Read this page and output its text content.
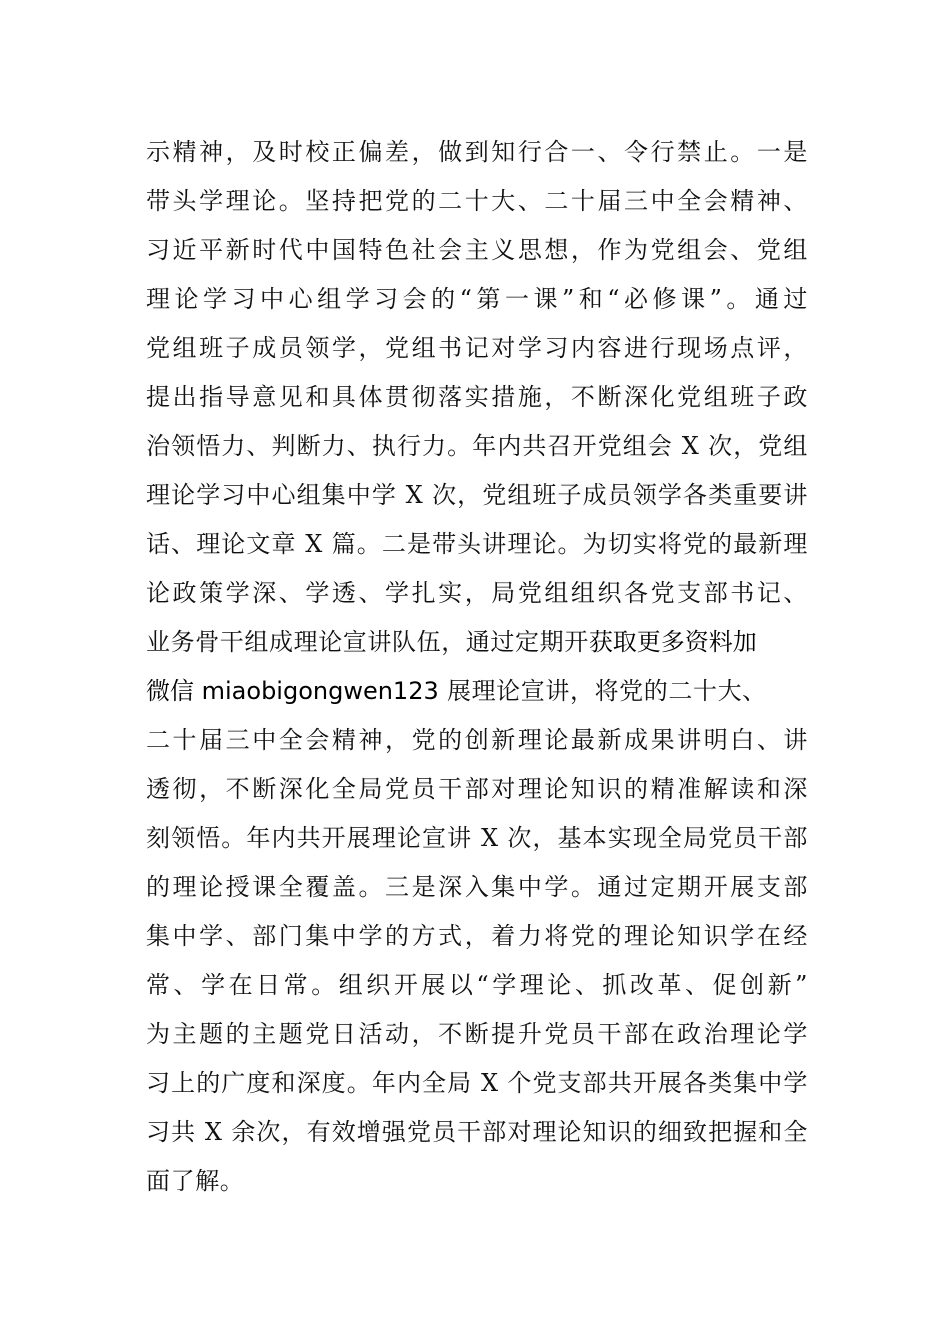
示精神，及时校正偏差，做到知行合一、令行禁止。一是
带头学理论。坚持把党的二十大、二十届三中全会精神、
习近平新时代中国特色社会主义思想，作为党组会、党组
理论学习中心组学习会的“第一课”和“必修课”。通过
党组班子成员领学，党组书记对学习内容进行现场点评，
提出指导意见和具体贯彻落实措施，不断深化党组班子政
治领悟力、判断力、执行力。年内共召开党组会 X 次，党组
理论学习中心组集中学 X 次，党组班子成员领学各类重要讲
话、理论文章 X 篇。二是带头讲理论。为切实将党的最新理
论政策学深、学透、学扎实，局党组组织各党支部书记、
业务骨干组成理论宣讲队伍，通过定期开获取更多资料加
微信 miaobigongwen123 展理论宣讲，将党的二十大、
二十届三中全会精神，党的创新理论最新成果讲明白、讲
透彻，不断深化全局党员干部对理论知识的精准解读和深
刻领悟。年内共开展理论宣讲 X 次，基本实现全局党员干部
的理论授课全覆盖。三是深入集中学。通过定期开展支部
集中学、部门集中学的方式，着力将党的理论知识学在经
常、学在日常。组织开展以“学理论、抓改革、促创新”
为主题的主题党日活动，不断提升党员干部在政治理论学
习上的广度和深度。年内全局 X 个党支部共开展各类集中学
习共 X 余次，有效增强党员干部对理论知识的细致把握和全
面了解。
